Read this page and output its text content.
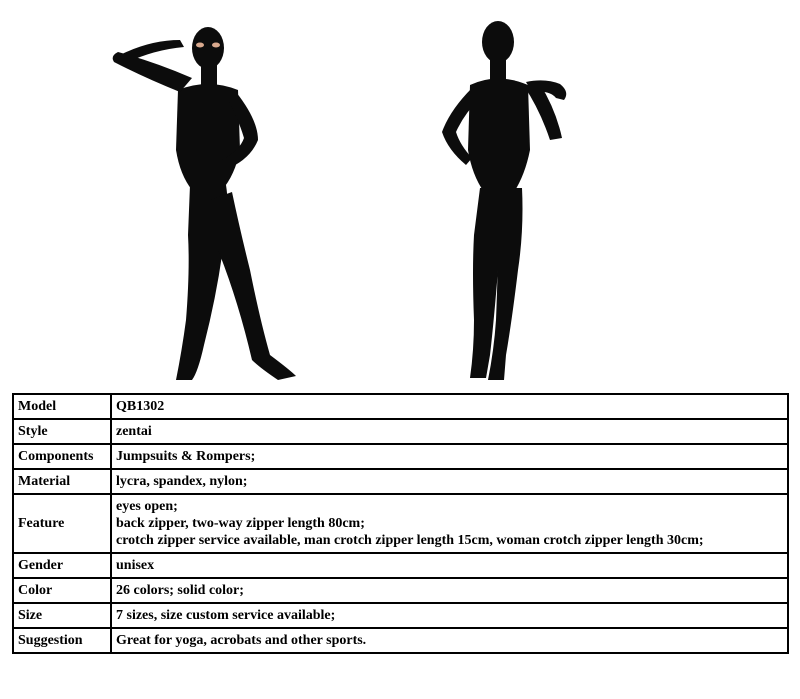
Model	QB1302
Style	zentai
Components	Jumpsuits & Rompers;
Material	lycra, spandex, nylon;
Feature	eyes open;
back zipper, two-way zipper length 80cm;
crotch zipper service available, man crotch zipper length 15cm, woman crotch zipper length 30cm;

Gender	unisex
Color	26 colors; solid color;
Size	7 sizes, size custom service available;
Suggestion	Great for yoga, acrobats and other sports.
